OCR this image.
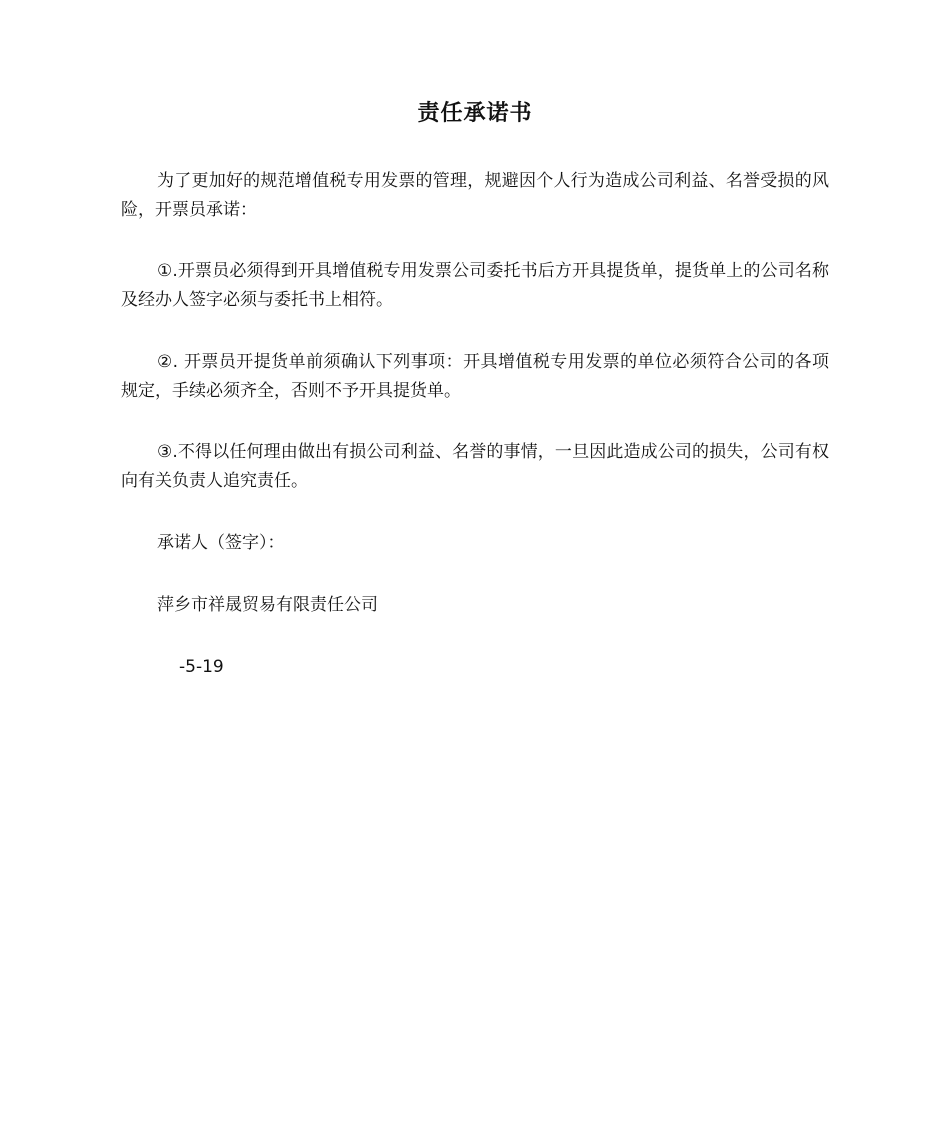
责任承诺书

为了更加好的规范增值税专用发票的管理，规避因个人行为造成公司利益、名誉受损的风险，开票员承诺：

①.开票员必须得到开具增值税专用发票公司委托书后方开具提货单，提货单上的公司名称及经办人签字必须与委托书上相符。

②. 开票员开提货单前须确认下列事项：开具增值税专用发票的单位必须符合公司的各项规定，手续必须齐全，否则不予开具提货单。

③.不得以任何理由做出有损公司利益、名誉的事情，一旦因此造成公司的损失，公司有权向有关负责人追究责任。

承诺人（签字）：
萍乡市祥晟贸易有限责任公司
-5-19
